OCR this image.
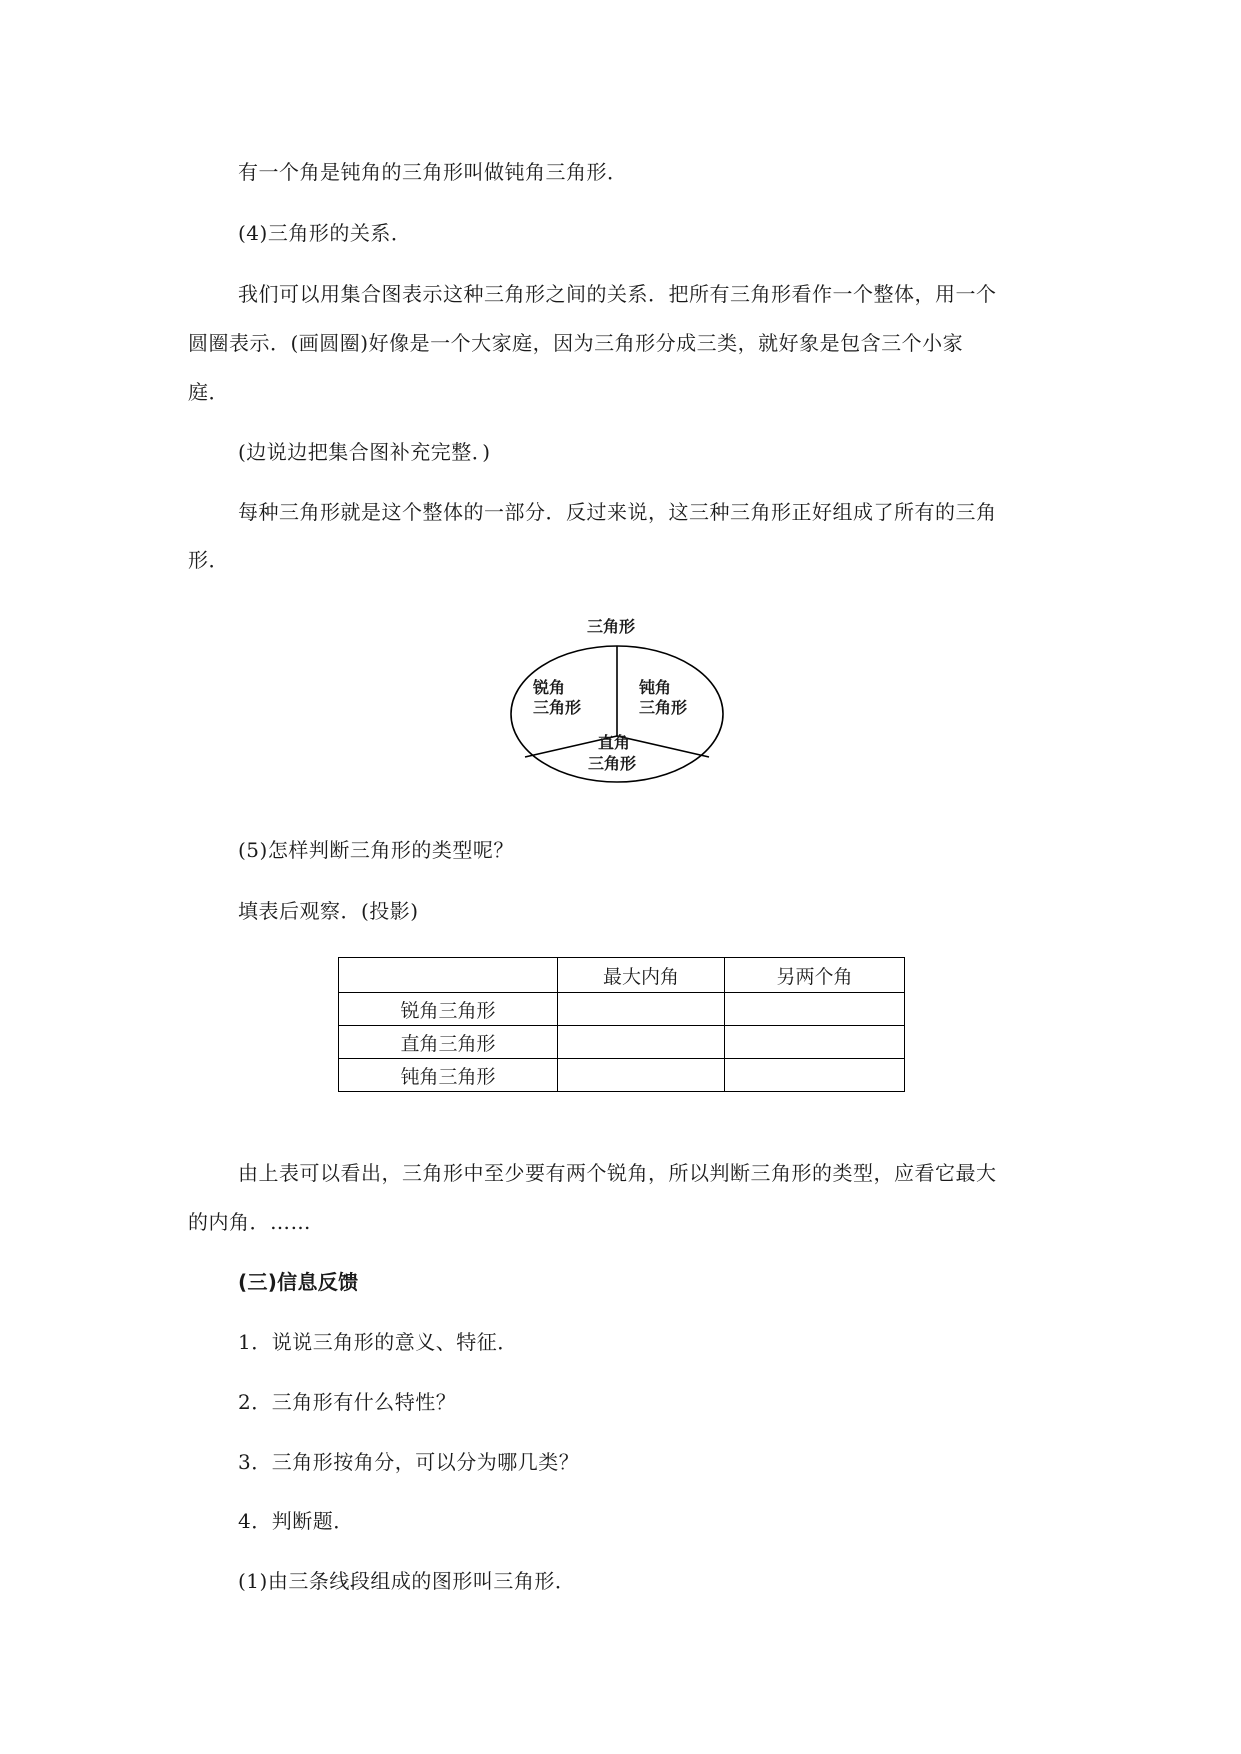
有一个角是钝角的三角形叫做钝角三角形．
(4)三角形的关系．
我们可以用集合图表示这种三角形之间的关系．把所有三角形看作一个整体，用一个
圆圈表示．(画圆圈)好像是一个大家庭，因为三角形分成三类，就好象是包含三个小家
庭．
(边说边把集合图补充完整．)
每种三角形就是这个整体的一部分．反过来说，这三种三角形正好组成了所有的三角
形．
三角形
锐角
三角形
钝角
三角形
直角
三角形
(5)怎样判断三角形的类型呢？
填表后观察．(投影)
	最大内角	另两个角
锐角三角形		
直角三角形		
钝角三角形		
由上表可以看出，三角形中至少要有两个锐角，所以判断三角形的类型，应看它最大
的内角．……
(三)信息反馈
1．说说三角形的意义、特征．
2．三角形有什么特性？
3．三角形按角分，可以分为哪几类？
4．判断题．
(1)由三条线段组成的图形叫三角形．
